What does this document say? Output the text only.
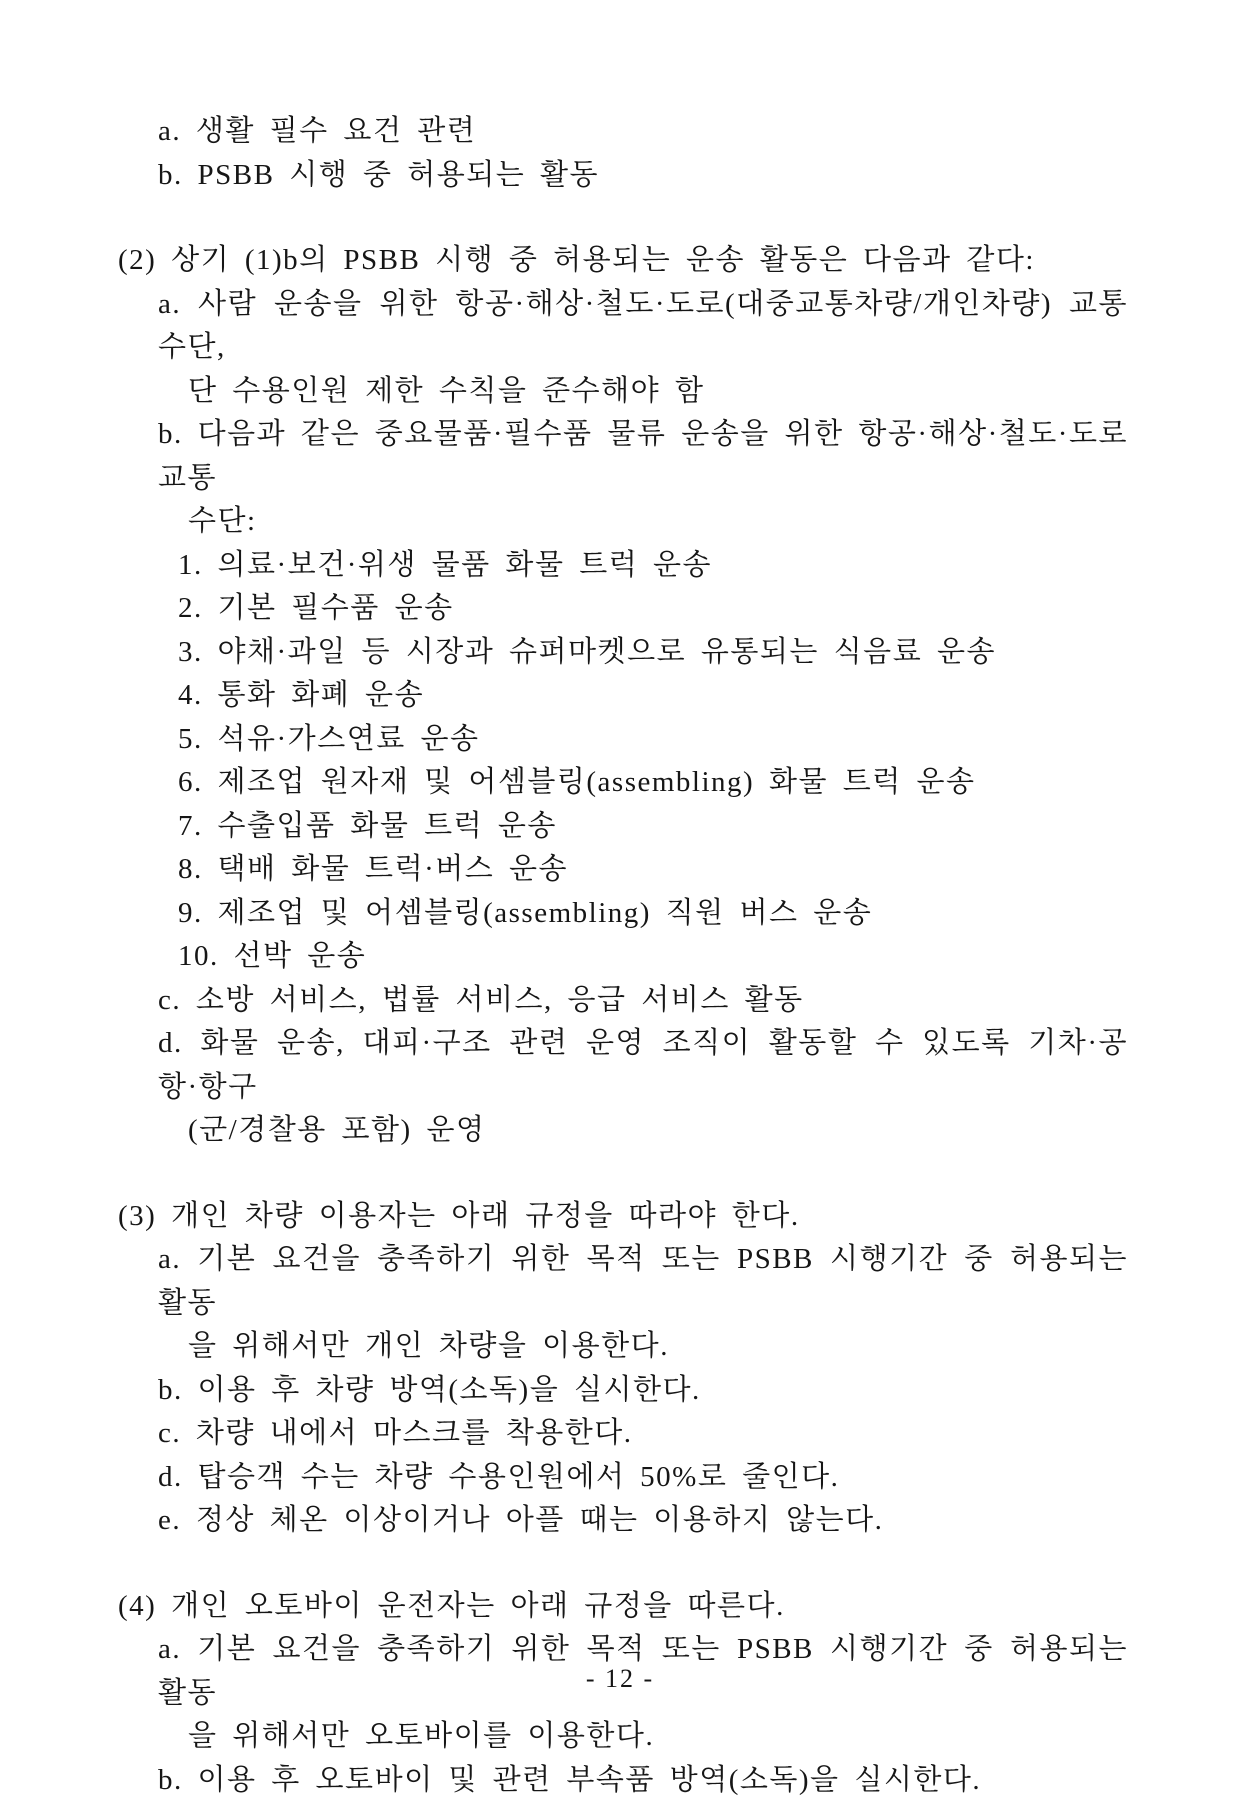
a. 생활 필수 요건 관련
b. PSBB 시행 중 허용되는 활동
(2) 상기 (1)b의 PSBB 시행 중 허용되는 운송 활동은 다음과 같다:
a. 사람 운송을 위한 항공·해상·철도·도로(대중교통차량/개인차량) 교통수단,
단 수용인원 제한 수칙을 준수해야 함
b. 다음과 같은 중요물품·필수품 물류 운송을 위한 항공·해상·철도·도로 교통
수단:
1. 의료·보건·위생 물품 화물 트럭 운송
2. 기본 필수품 운송
3. 야채·과일 등 시장과 슈퍼마켓으로 유통되는 식음료 운송
4. 통화 화폐 운송
5. 석유·가스연료 운송
6. 제조업 원자재 및 어셈블링(assembling) 화물 트럭 운송
7. 수출입품 화물 트럭 운송
8. 택배 화물 트럭·버스 운송
9. 제조업 및 어셈블링(assembling) 직원 버스 운송
10. 선박 운송
c. 소방 서비스, 법률 서비스, 응급 서비스 활동
d. 화물 운송, 대피·구조 관련 운영 조직이 활동할 수 있도록 기차·공항·항구
(군/경찰용 포함) 운영
(3) 개인 차량 이용자는 아래 규정을 따라야 한다.
a. 기본 요건을 충족하기 위한 목적 또는 PSBB 시행기간 중 허용되는 활동
을 위해서만 개인 차량을 이용한다.
b. 이용 후 차량 방역(소독)을 실시한다.
c. 차량 내에서 마스크를 착용한다.
d. 탑승객 수는 차량 수용인원에서 50%로 줄인다.
e. 정상 체온 이상이거나 아플 때는 이용하지 않는다.
(4) 개인 오토바이 운전자는 아래 규정을 따른다.
a. 기본 요건을 충족하기 위한 목적 또는 PSBB 시행기간 중 허용되는 활동
을 위해서만 오토바이를 이용한다.
b. 이용 후 오토바이 및 관련 부속품 방역(소독)을 실시한다.
- 12 -
